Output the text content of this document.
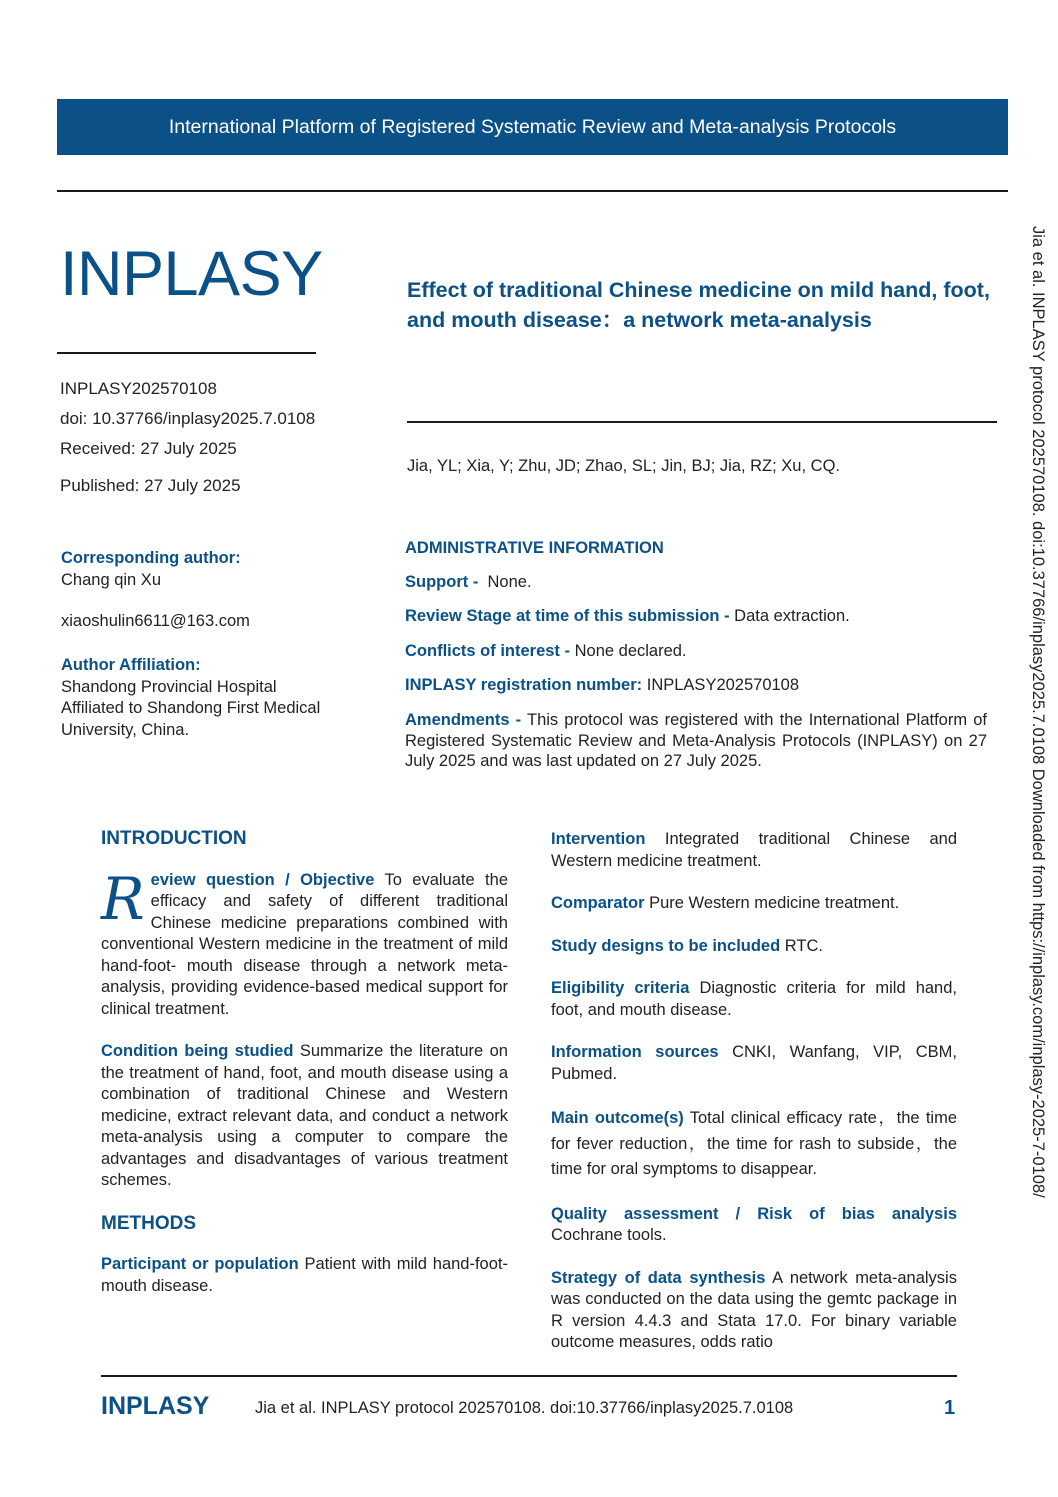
International Platform of Registered Systematic Review and Meta-analysis Protocols
INPLASY	Effect of traditional Chinese medicine on mild hand, foot, and mouth disease：a network meta-analysis
INPLASY202570108
doi: 10.37766/inplasy2025.7.0108
Received: 27 July 2025
Published: 27 July 2025
Jia, YL; Xia, Y; Zhu, JD; Zhao, SL; Jin, BJ; Jia, RZ; Xu, CQ.
Corresponding author:
Chang qin Xu
xiaoshulin6611@163.com
Author Affiliation:
Shandong Provincial Hospital
Affiliated to Shandong First Medical
University, China.
ADMINISTRATIVE INFORMATION
Support - None.
Review Stage at time of this submission - Data extraction.
Conflicts of interest - None declared.
INPLASY registration number: INPLASY202570108
Amendments - This protocol was registered with the International Platform of Registered Systematic Review and Meta-Analysis Protocols (INPLASY) on 27 July 2025 and was last updated on 27 July 2025.
INTRODUCTION

Review question / Objective To evaluate the efficacy and safety of different traditional Chinese medicine preparations combined with conventional Western medicine in the treatment of mild hand-foot- mouth disease through a network meta-analysis, providing evidence-based medical support for clinical treatment.

Condition being studied Summarize the literature on the treatment of hand, foot, and mouth disease using a combination of traditional Chinese and Western medicine, extract relevant data, and conduct a network meta-analysis using a computer to compare the advantages and disadvantages of various treatment schemes.

METHODS

Participant or population Patient with mild hand-foot- mouth disease.

Intervention Integrated traditional Chinese and Western medicine treatment.

Comparator Pure Western medicine treatment.

Study designs to be included RTC.

Eligibility criteria Diagnostic criteria for mild hand, foot, and mouth disease.

Information sources CNKI, Wanfang, VIP, CBM, Pubmed.

Main outcome(s) Total clinical efficacy rate，the time for fever reduction，the time for rash to subside，the time for oral symptoms to disappear.

Quality assessment / Risk of bias analysis Cochrane tools.

Strategy of data synthesis A network meta-analysis was conducted on the data using the gemtc package in R version 4.4.3 and Stata 17.0. For binary variable outcome measures, odds ratio

Jia et al. INPLASY protocol 202570108. doi:10.37766/inplasy2025.7.0108 Downloaded from https://inplasy.com/inplasy-2025-7-0108/
INPLASY	Jia et al. INPLASY protocol 202570108. doi:10.37766/inplasy2025.7.0108	1
